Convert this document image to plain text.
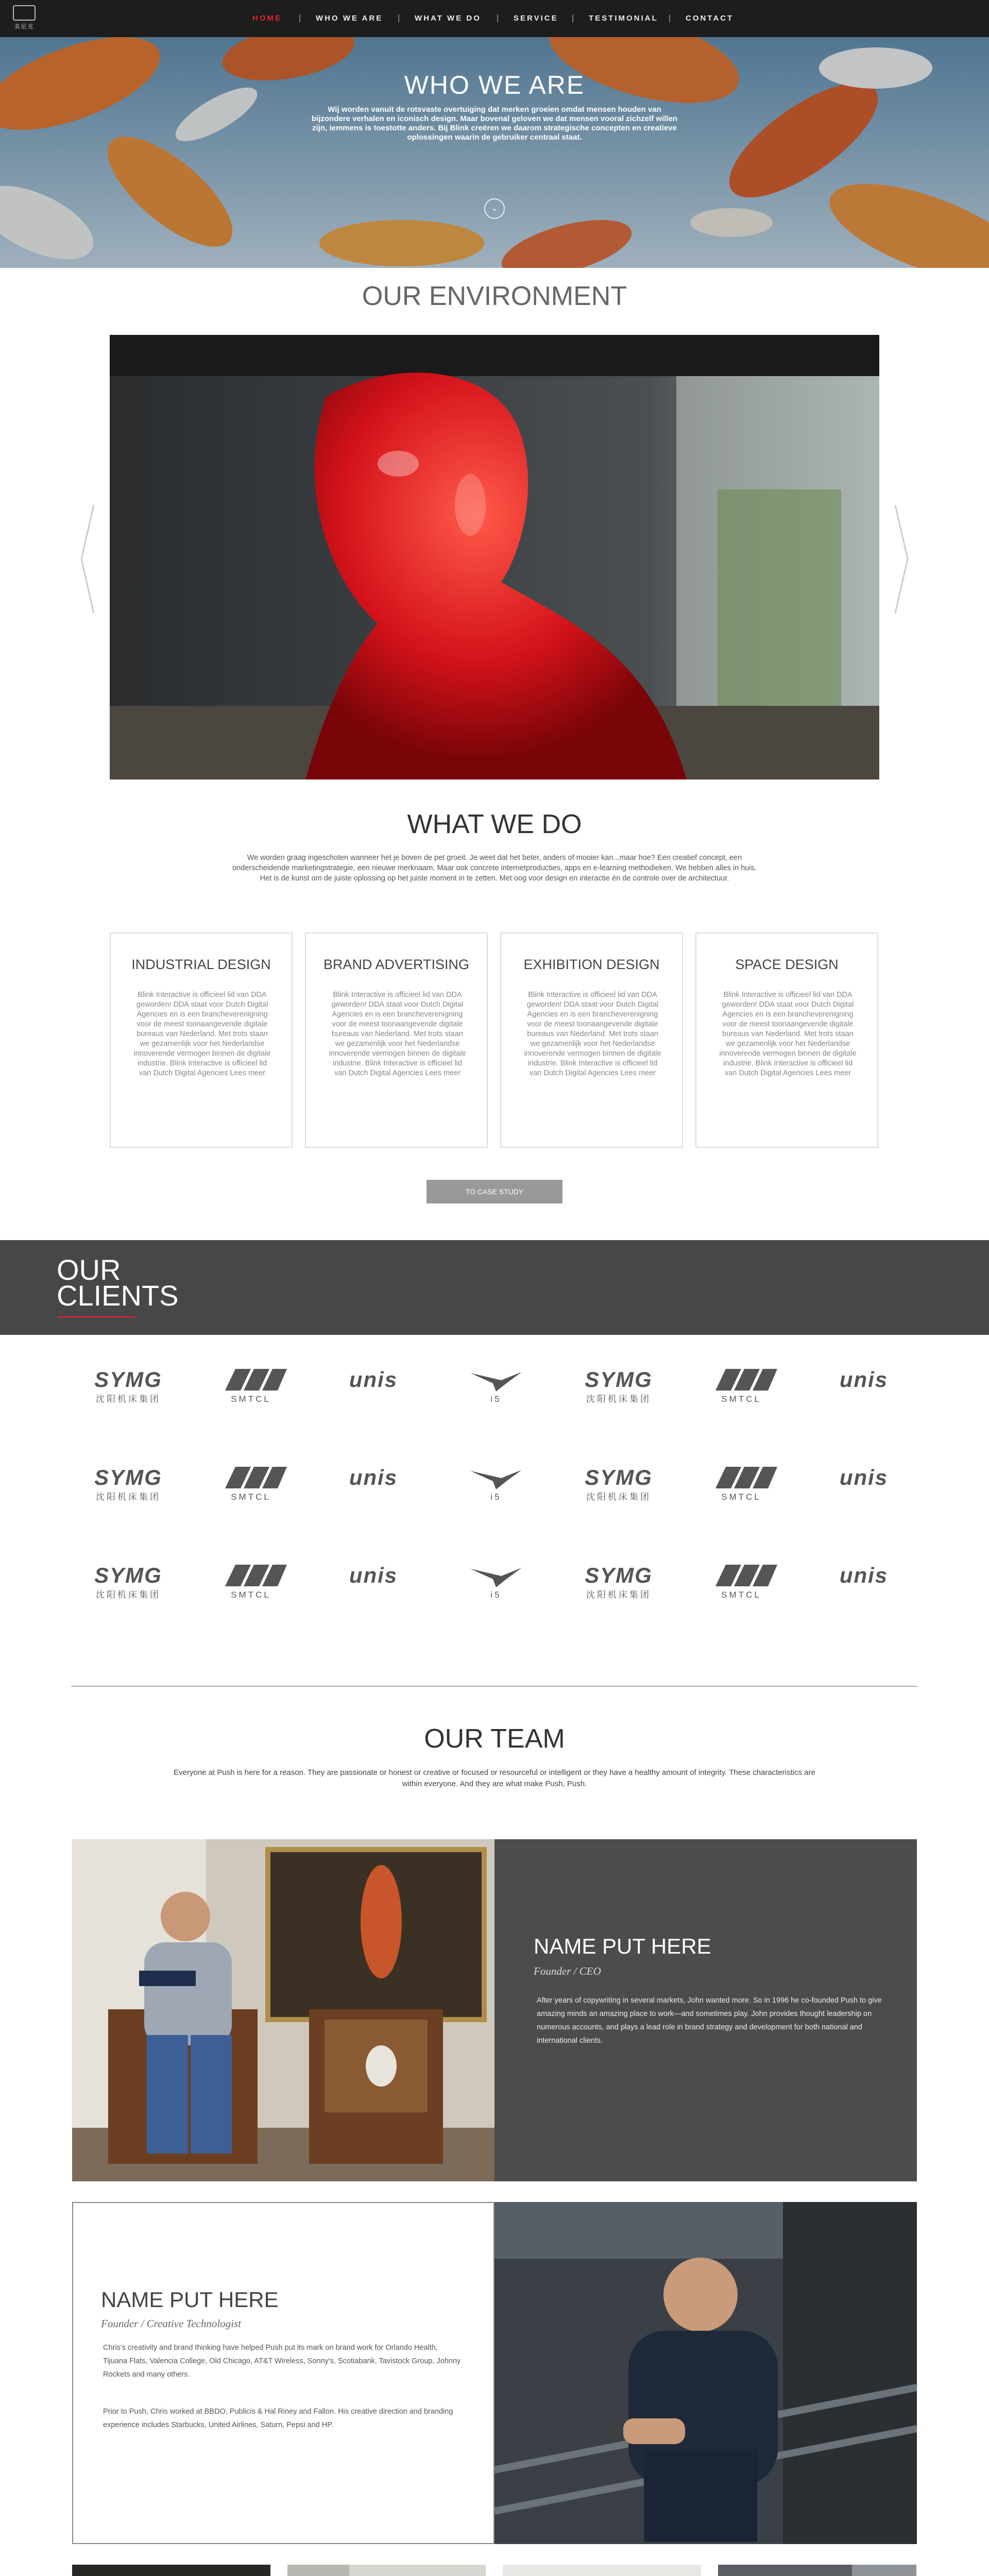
美尼克
HOME | WHO WE ARE | WHAT WE DO | SERVICE | TESTIMONIAL | CONTACT
WHO WE ARE
Wij worden vanuit de rotsvaste overtuiging dat merken groeien omdat mensen houden van bijzondere verhalen en iconisch design. Maar bovenal geloven we dat mensen vooral zichzelf willen zijn, iemmens is toestotte anders. Bij Blink creëren we daarom strategische concepten en creatieve oplossingen waarin de gebruiker centraal staat.
⌄
OUR ENVIRONMENT
WHAT WE DO
We worden graag ingeschoten wanneer het je boven de pet groeit. Je weet dat het beter, anders of mooier kan...maar hoe? Een creatief concept, een onderscheidende marketingstrategie, een nieuwe merknaam. Maar ook concrete internetproducties, apps en e-learning methodieken. We hebben alles in huis. Het is de kunst om de juiste oplossing op het juiste moment in te zetten. Met oog voor design en interactie én de controle over de architectuur.
INDUSTRIAL DESIGN
Blink Interactive is officieel lid van DDA geworden! DDA staat voor Dutch Digital Agencies en is een brancheverenigning voor de meest toonaangevende digitale bureaus van Nederland. Met trots staan we gezamenlijk voor het Nederlandse innoverende vermogen binnen de digitale industrie. Blink Interactive is officieel lid van Dutch Digital Agencies Lees meer
BRAND ADVERTISING
Blink Interactive is officieel lid van DDA geworden! DDA staat voor Dutch Digital Agencies en is een brancheverenigning voor de meest toonaangevende digitale bureaus van Nederland. Met trots staan we gezamenlijk voor het Nederlandse innoverende vermogen binnen de digitale industrie. Blink Interactive is officieel lid van Dutch Digital Agencies Lees meer
EXHIBITION DESIGN
Blink Interactive is officieel lid van DDA geworden! DDA staat voor Dutch Digital Agencies en is een brancheverenigning voor de meest toonaangevende digitale bureaus van Nederland. Met trots staan we gezamenlijk voor het Nederlandse innoverende vermogen binnen de digitale industrie. Blink Interactive is officieel lid van Dutch Digital Agencies Lees meer
SPACE DESIGN
Blink Interactive is officieel lid van DDA geworden! DDA staat voor Dutch Digital Agencies en is een brancheverenigning voor de meest toonaangevende digitale bureaus van Nederland. Met trots staan we gezamenlijk voor het Nederlandse innoverende vermogen binnen de digitale industrie. Blink Interactive is officieel lid van Dutch Digital Agencies Lees meer
TO CASE STUDY
OUR
CLIENTS
SYMG
沈阳机床集团	SMTCL
unis
i5
SYMG
沈阳机床集团	SMTCL
unis
SYMG
沈阳机床集团	SMTCL
unis
i5
SYMG
沈阳机床集团	SMTCL
unis
SYMG
沈阳机床集团	SMTCL
unis
i5
SYMG
沈阳机床集团	SMTCL
unis
OUR TEAM
Everyone at Push is here for a reason. They are passionate or honest or creative or focused or resourceful or intelligent or they have a healthy amount of integrity. These characteristics are within everyone. And they are what make Push, Push.
NAME PUT HERE
Founder / CEO
After years of copywriting in several markets, John wanted more. So in 1996 he co-founded Push to give amazing minds an amazing place to work—and sometimes play. John provides thought leadership on numerous accounts, and plays a lead role in brand strategy and development for both national and international clients.
NAME PUT HERE
Founder / Creative Technologist
Chris's creativity and brand thinking have helped Push put its mark on brand work for Orlando Health, Tijuana Flats, Valencia College, Old Chicago, AT&T Wireless, Sonny's, Scotiabank, Tavistock Group, Johnny Rockets and many others.
Prior to Push, Chris worked at BBDO, Publicis & Hal Riney and Fallon. His creative direction and branding experience includes Starbucks, United Airlines, Saturn, Pepsi and HP.
